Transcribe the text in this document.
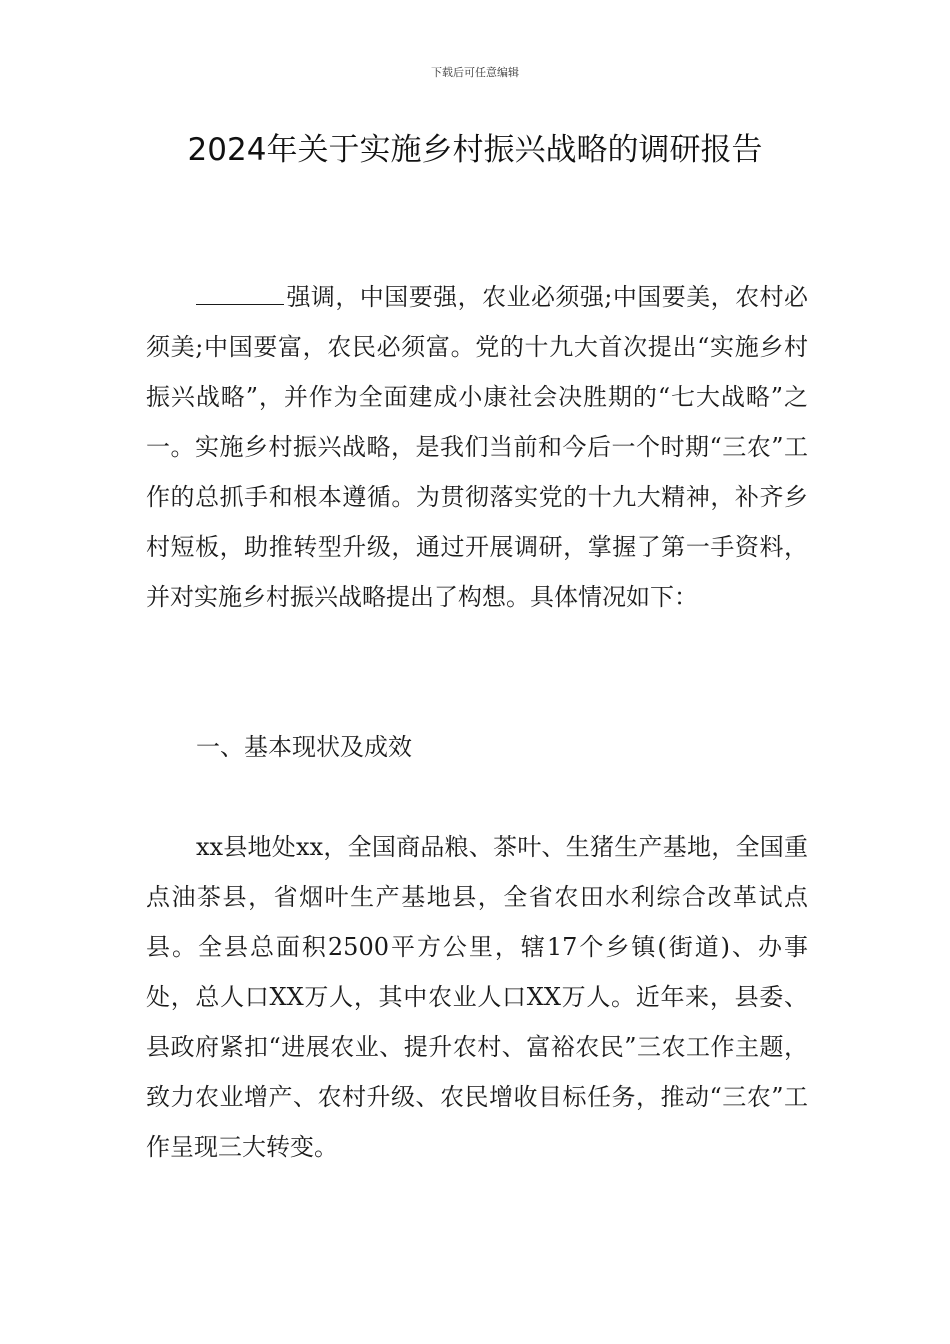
下载后可任意编辑
2024年关于实施乡村振兴战略的调研报告

强调，中国要强，农业必须强;中国要美，农村必须美;中国要富，农民必须富。党的十九大首次提出“实施乡村振兴战略”，并作为全面建成小康社会决胜期的“七大战略”之一。实施乡村振兴战略，是我们当前和今后一个时期“三农”工作的总抓手和根本遵循。为贯彻落实党的十九大精神，补齐乡村短板，助推转型升级，通过开展调研，掌握了第一手资料，并对实施乡村振兴战略提出了构想。具体情况如下：

一、基本现状及成效

xx县地处xx，全国商品粮、茶叶、生猪生产基地，全国重点油茶县，省烟叶生产基地县，全省农田水利综合改革试点县。全县总面积2500平方公里，辖17个乡镇(街道)、办事处，总人口XX万人，其中农业人口XX万人。近年来，县委、县政府紧扣“进展农业、提升农村、富裕农民”三农工作主题，致力农业增产、农村升级、农民增收目标任务，推动“三农”工作呈现三大转变。
